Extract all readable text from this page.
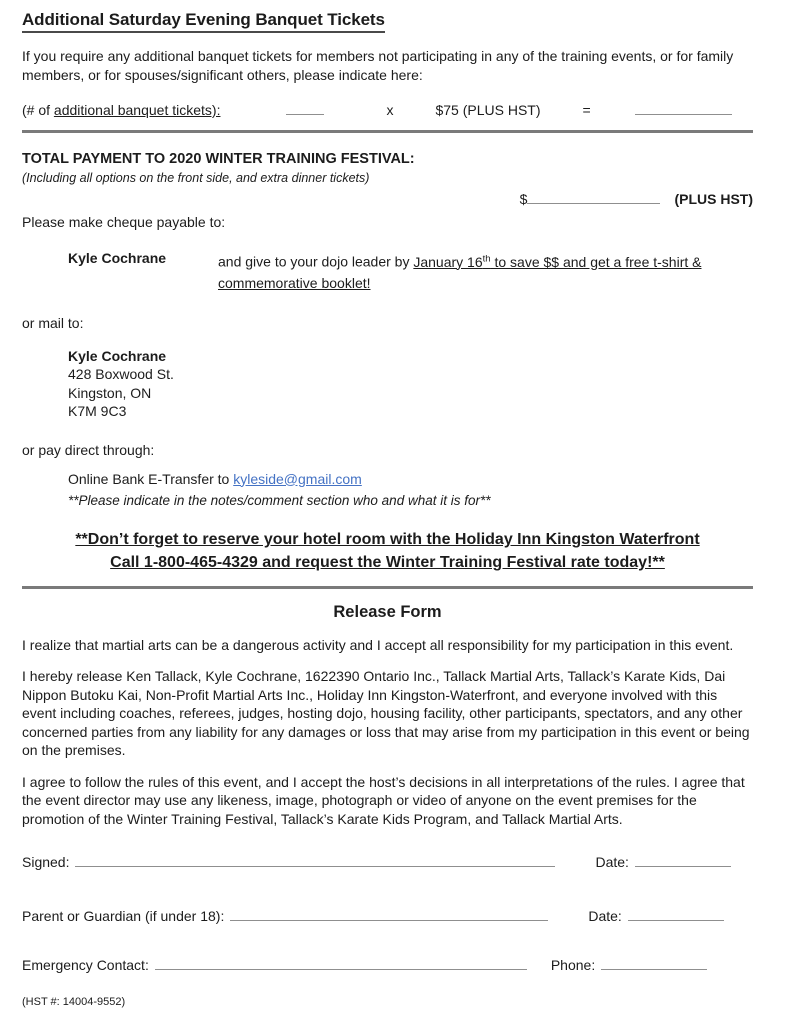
Additional Saturday Evening Banquet Tickets

If you require any additional banquet tickets for members not participating in any of the training events, or for family members, or for spouses/significant others, please indicate here:

(# of additional banquet tickets):	x	$75 (PLUS HST)	=
TOTAL PAYMENT TO 2020 WINTER TRAINING FESTIVAL:
(Including all options on the front side, and extra dinner tickets)
$	(PLUS HST)
Please make cheque payable to:
Kyle Cochrane	and give to your dojo leader by January 16th to save $$ and get a free t-shirt & commemorative booklet!
or mail to:
Kyle Cochrane
428 Boxwood St.
Kingston, ON
K7M 9C3
or pay direct through:
Online Bank E-Transfer to kyleside@gmail.com
**Please indicate in the notes/comment section who and what it is for**
**Don’t forget to reserve your hotel room with the Holiday Inn Kingston Waterfront
Call 1-800-465-4329 and request the Winter Training Festival rate today!**
Release Form

I realize that martial arts can be a dangerous activity and I accept all responsibility for my participation in this event.

I hereby release Ken Tallack, Kyle Cochrane, 1622390 Ontario Inc., Tallack Martial Arts, Tallack’s Karate Kids, Dai Nippon Butoku Kai, Non-Profit Martial Arts Inc., Holiday Inn Kingston-Waterfront, and everyone involved with this event including coaches, referees, judges, hosting dojo, housing facility, other participants, spectators, and any other concerned parties from any liability for any damages or loss that may arise from my participation in this event or being on the premises.

I agree to follow the rules of this event, and I accept the host’s decisions in all interpretations of the rules. I agree that the event director may use any likeness, image, photograph or video of anyone on the event premises for the promotion of the Winter Training Festival, Tallack’s Karate Kids Program, and Tallack Martial Arts.

Signed:	Date:
Parent or Guardian (if under 18):	Date:
Emergency Contact:	Phone:
(HST #: 14004-9552)
